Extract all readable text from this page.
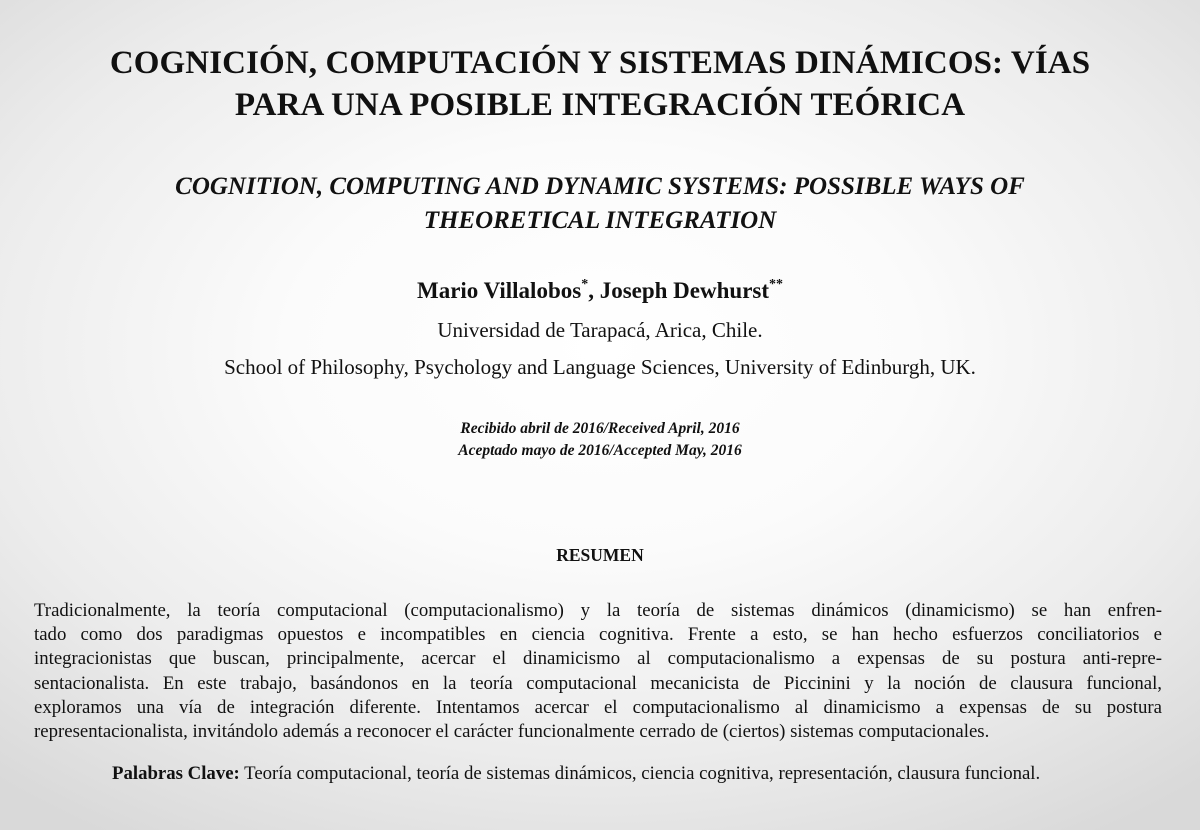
COGNICIÓN, COMPUTACIÓN Y SISTEMAS DINÁMICOS: VÍAS
PARA UNA POSIBLE INTEGRACIÓN TEÓRICA
COGNITION, COMPUTING AND DYNAMIC SYSTEMS: POSSIBLE WAYS OF
THEORETICAL INTEGRATION
Mario Villalobos*, Joseph Dewhurst**
Universidad de Tarapacá, Arica, Chile.
School of Philosophy, Psychology and Language Sciences, University of Edinburgh, UK.
Recibido abril de 2016/Received April, 2016
Aceptado mayo de 2016/Accepted May, 2016
RESUMEN

Tradicionalmente, la teoría computacional (computacionalismo) y la teoría de sistemas dinámicos (dinamicismo) se han enfren-
tado como dos paradigmas opuestos e incompatibles en ciencia cognitiva. Frente a esto, se han hecho esfuerzos conciliatorios e
integracionistas que buscan, principalmente, acercar el dinamicismo al computacionalismo a expensas de su postura anti-repre-
sentacionalista. En este trabajo, basándonos en la teoría computacional mecanicista de Piccinini y la noción de clausura funcional,
exploramos una vía de integración diferente. Intentamos acercar el computacionalismo al dinamicismo a expensas de su postura
representacionalista, invitándolo además a reconocer el carácter funcionalmente cerrado de (ciertos) sistemas computacionales.

Palabras Clave: Teoría computacional, teoría de sistemas dinámicos, ciencia cognitiva, representación, clausura funcional.
